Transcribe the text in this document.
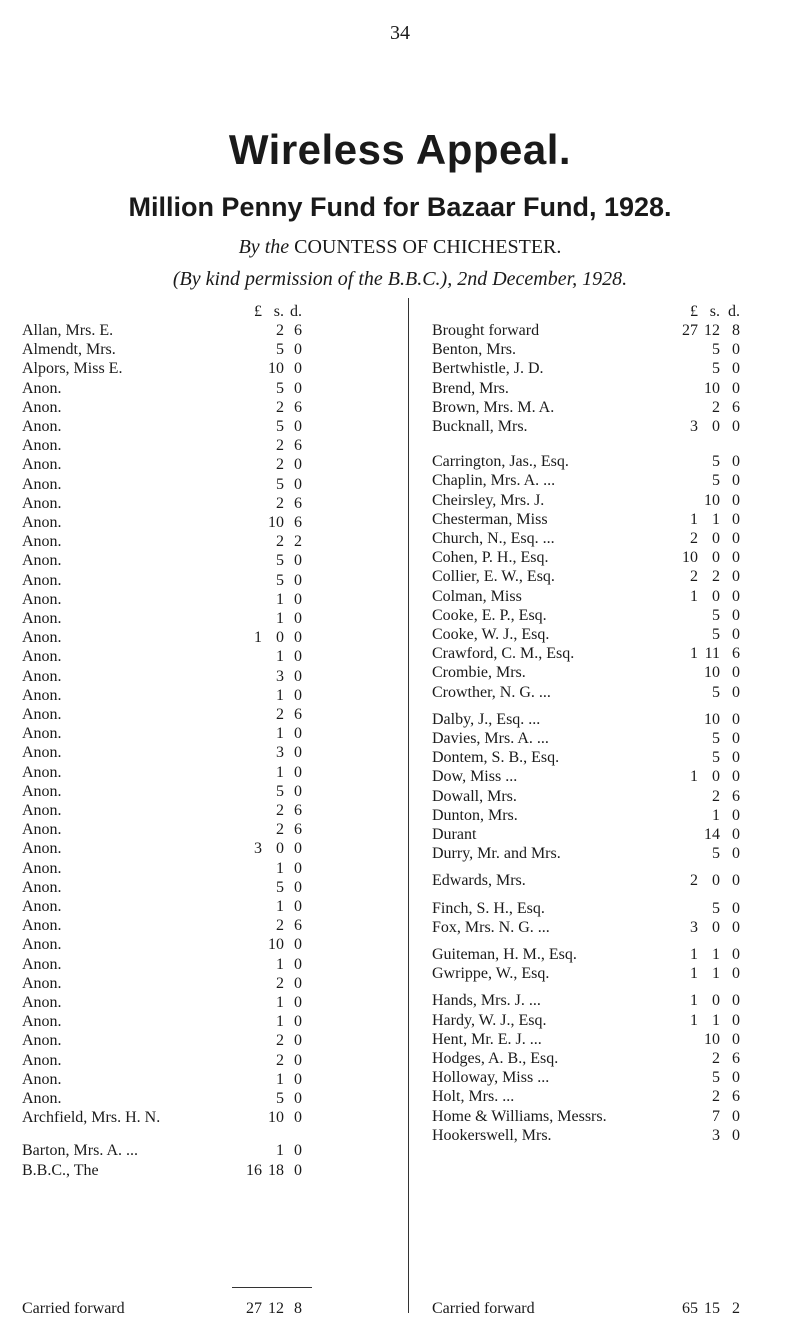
34
Wireless Appeal.
Million Penny Fund for Bazaar Fund, 1928.
By the COUNTESS OF CHICHESTER.
(By kind permission of the B.B.C.), 2nd December, 1928.
£ s. d.
Allan, Mrs. E.	2 6
Almendt, Mrs.	5 0
Alpors, Miss E.	10 0
Anon.	5 0
Anon.	2 6
Anon.	5 0
Anon.	2 6
Anon.	2 0
Anon.	5 0
Anon.	2 6
Anon.	10 6
Anon.	2 2
Anon.	5 0
Anon.	5 0
Anon.	1 0
Anon.	1 0
Anon.	1 0 0
Anon.	1 0
Anon.	3 0
Anon.	1 0
Anon.	2 6
Anon.	1 0
Anon.	3 0
Anon.	1 0
Anon.	5 0
Anon.	2 6
Anon.	2 6
Anon.	3 0 0
Anon.	1 0
Anon.	5 0
Anon.	1 0
Anon.	2 6
Anon.	10 0
Anon.	1 0
Anon.	2 0
Anon.	1 0
Anon.	1 0
Anon.	2 0
Anon.	2 0
Anon.	1 0
Anon.	5 0
Archfield, Mrs. H. N.	10 0
Barton, Mrs. A. ...	1 0
B.B.C., The	16 18 0
Carried forward	27 12 8
£ s. d.
Brought forward	27 12 8
Benton, Mrs.	5 0
Bertwhistle, J. D.	5 0
Brend, Mrs.	10 0
Brown, Mrs. M. A.	2 6
Bucknall, Mrs.	3 0 0
Carrington, Jas., Esq.	5 0
Chaplin, Mrs. A. ...	5 0
Cheirsley, Mrs. J.	10 0
Chesterman, Miss	1 1 0
Church, N., Esq. ...	2 0 0
Cohen, P. H., Esq.	10 0 0
Collier, E. W., Esq.	2 2 0
Colman, Miss	1 0 0
Cooke, E. P., Esq.	5 0
Cooke, W. J., Esq.	5 0
Crawford, C. M., Esq.	1 11 6
Crombie, Mrs.	10 0
Crowther, N. G. ...	5 0
Dalby, J., Esq. ...	10 0
Davies, Mrs. A. ...	5 0
Dontem, S. B., Esq.	5 0
Dow, Miss ...	1 0 0
Dowall, Mrs.	2 6
Dunton, Mrs.	1 0
Durant	14 0
Durry, Mr. and Mrs.	5 0
Edwards, Mrs.	2 0 0
Finch, S. H., Esq.	5 0
Fox, Mrs. N. G. ...	3 0 0
Guiteman, H. M., Esq.	1 1 0
Gwrippe, W., Esq.	1 1 0
Hands, Mrs. J. ...	1 0 0
Hardy, W. J., Esq.	1 1 0
Hent, Mr. E. J. ...	10 0
Hodges, A. B., Esq.	2 6
Holloway, Miss ...	5 0
Holt, Mrs. ...	2 6
Home & Williams, Messrs.	7 0
Hookerswell, Mrs.	3 0
Carried forward	65 15 2
